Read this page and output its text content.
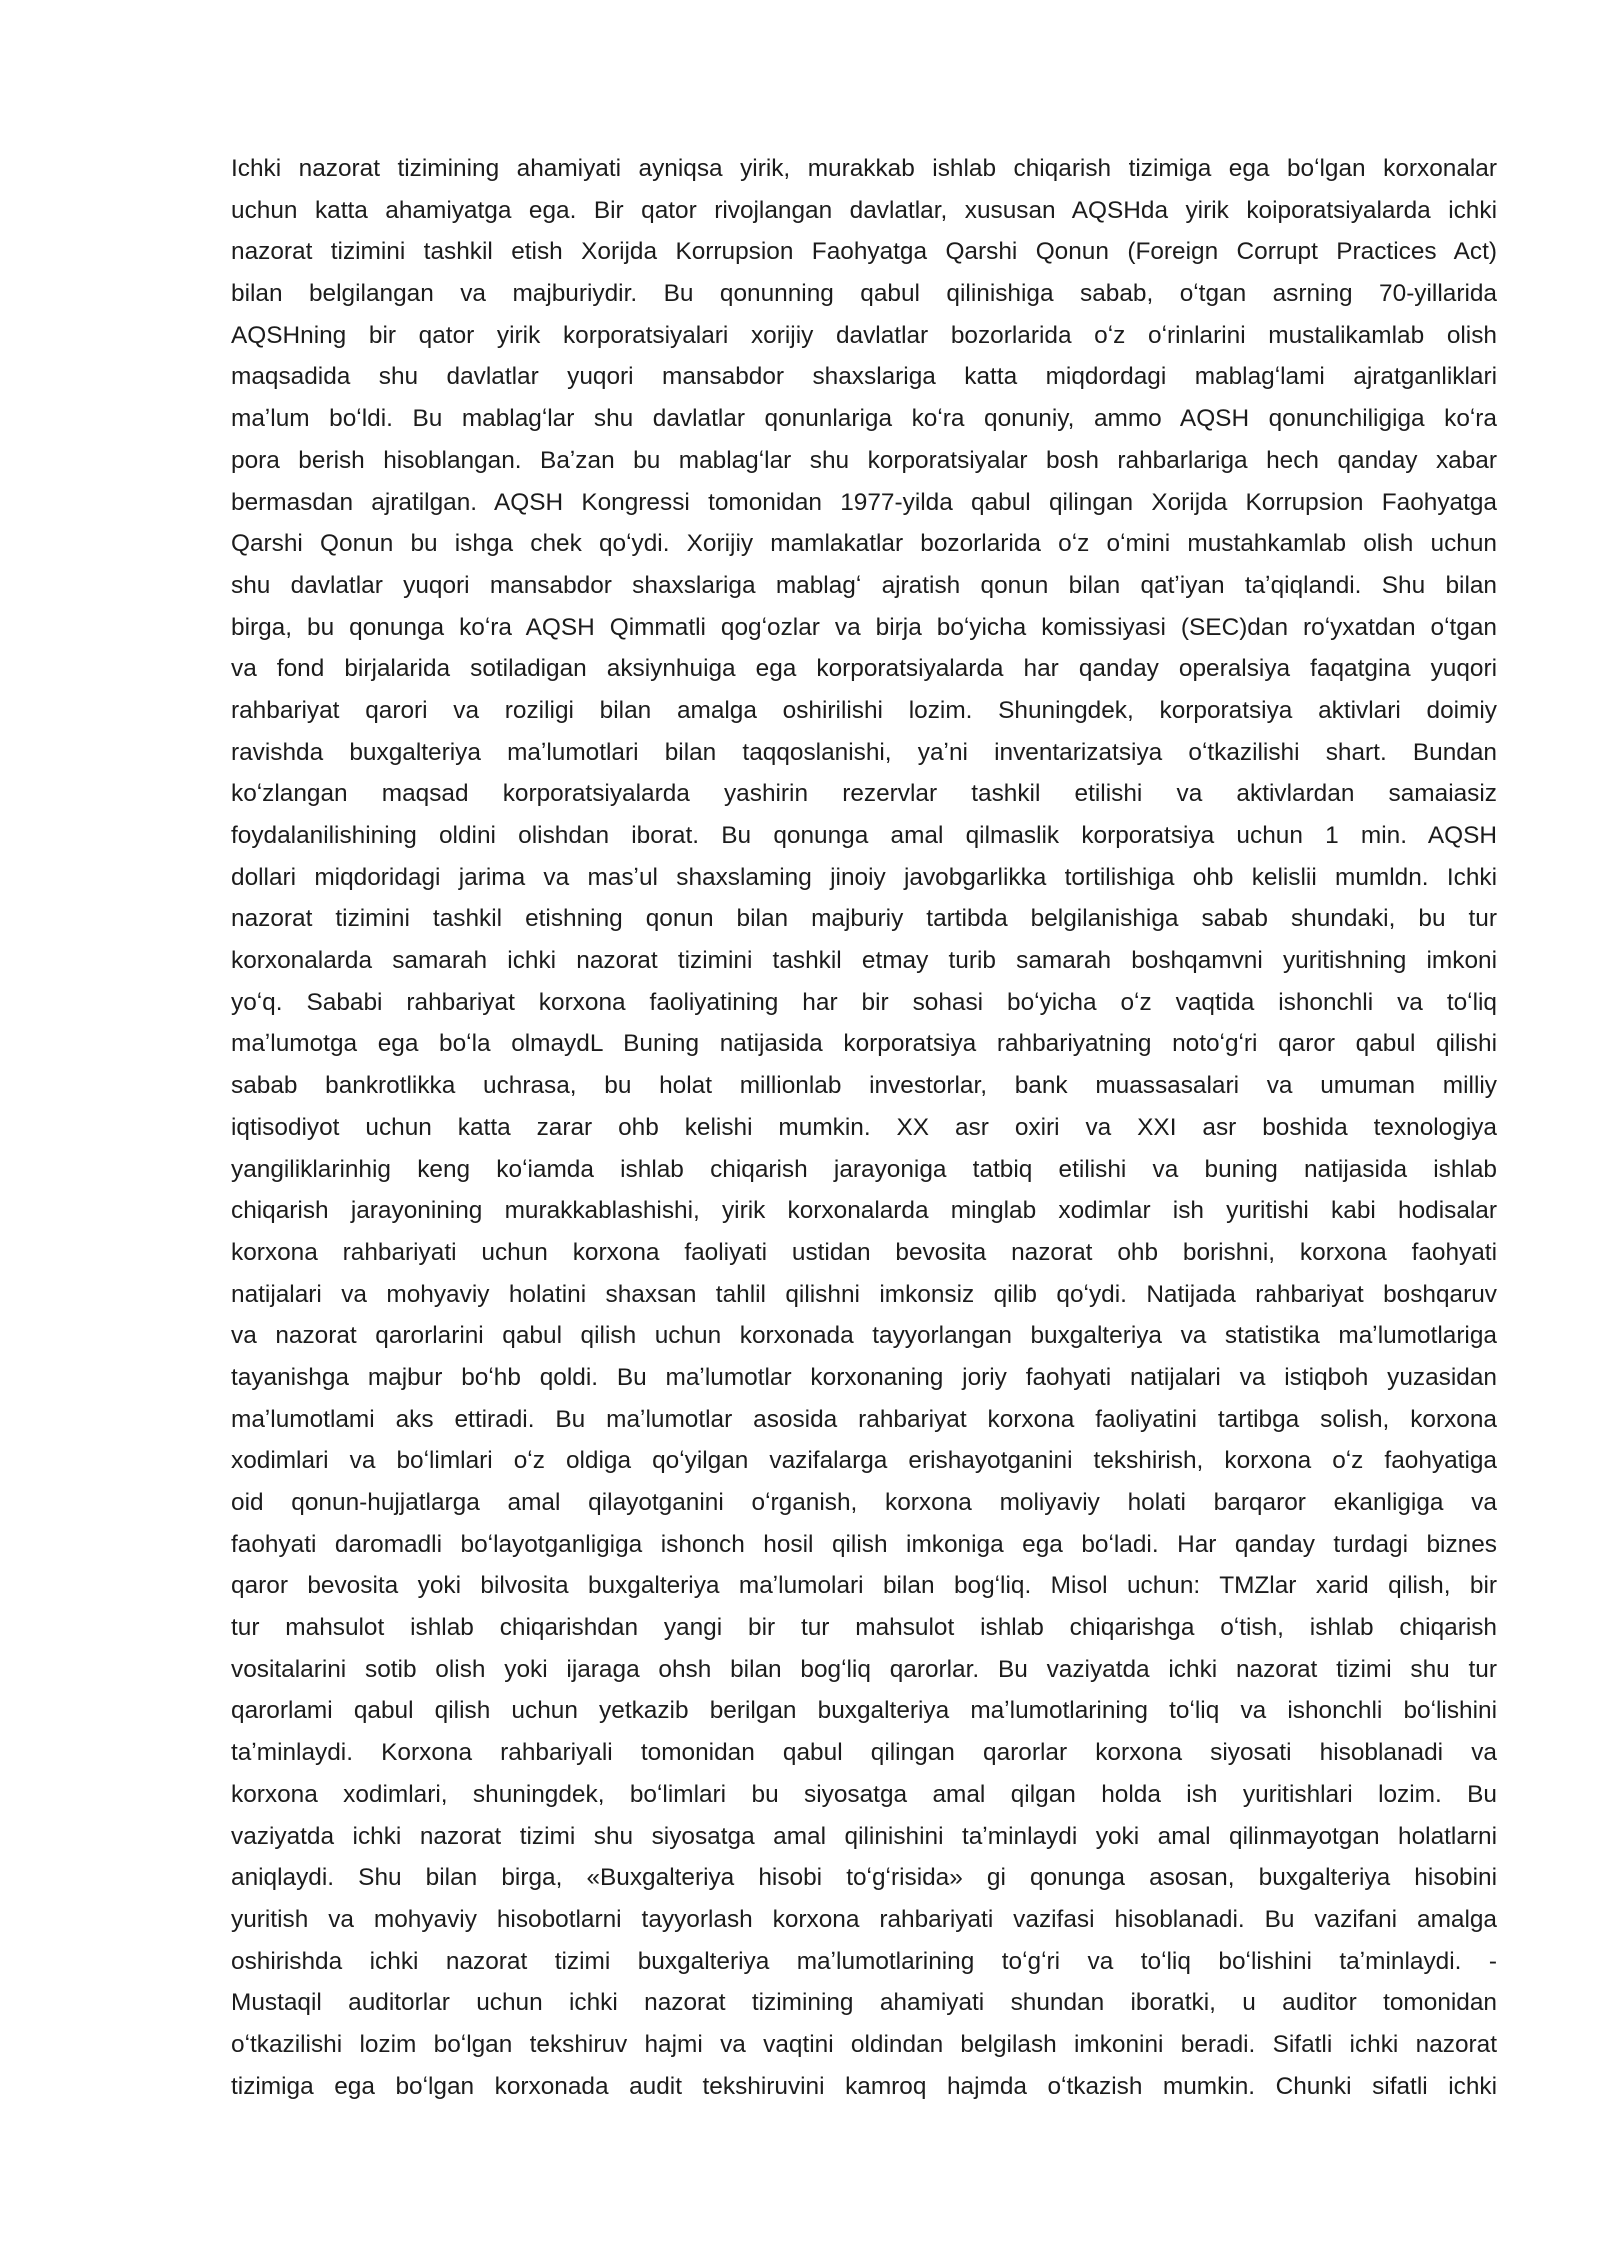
Ichki nazorat tizimining ahamiyati ayniqsa yirik, murakkab ishlab chiqarish tizimiga ega boʻlgan korxonalar
uchun katta ahamiyatga ega. Bir qator rivojlangan davlatlar, xususan AQSHda yirik koiporatsiyalarda ichki
nazorat tizimini tashkil etish Xorijda Korrupsion Faohyatga Qarshi Qonun (Foreign Corrupt Practices Act)
bilan belgilangan va majburiydir. Bu qonunning qabul qilinishiga sabab, oʻtgan asrning 70-yillarida
AQSHning bir qator yirik korporatsiyalari xorijiy davlatlar bozorlarida oʻz oʻrinlarini mustalikamlab olish
maqsadida shu davlatlar yuqori mansabdor shaxslariga katta miqdordagi mablagʻlami ajratganliklari
maʼlum boʻldi. Bu mablagʻlar shu davlatlar qonunlariga koʻra qonuniy, ammo AQSH qonunchiligiga koʻra
pora berish hisoblangan. Baʼzan bu mablagʻlar shu korporatsiyalar bosh rahbarlariga hech qanday xabar
bermasdan ajratilgan. AQSH Kongressi tomonidan 1977-yilda qabul qilingan Xorijda Korrupsion Faohyatga
Qarshi Qonun bu ishga chek qoʻydi. Xorijiy mamlakatlar bozorlarida oʻz oʻmini mustahkamlab olish uchun
shu davlatlar yuqori mansabdor shaxslariga mablagʻ ajratish qonun bilan qatʼiyan taʼqiqlandi. Shu bilan
birga, bu qonunga koʻra AQSH Qimmatli qogʻozlar va birja boʻyicha komissiyasi (SEC)dan roʻyxatdan oʻtgan
va fond birjalarida sotiladigan aksiynhuiga ega korporatsiyalarda har qanday operalsiya faqatgina yuqori
rahbariyat qarori va roziligi bilan amalga oshirilishi lozim. Shuningdek, korporatsiya aktivlari doimiy
ravishda buxgalteriya maʼlumotlari bilan taqqoslanishi, yaʼni inventarizatsiya oʻtkazilishi shart. Bundan
koʻzlangan maqsad korporatsiyalarda yashirin rezervlar tashkil etilishi va aktivlardan samaiasiz
foydalanilishining oldini olishdan iborat. Bu qonunga amal qilmaslik korporatsiya uchun 1 min. AQSH
dollari miqdoridagi jarima va masʼul shaxslaming jinoiy javobgarlikka tortilishiga ohb kelislii mumldn. Ichki
nazorat tizimini tashkil etishning qonun bilan majburiy tartibda belgilanishiga sabab shundaki, bu tur
korxonalarda samarah ichki nazorat tizimini tashkil etmay turib samarah boshqamvni yuritishning imkoni
yoʻq. Sababi rahbariyat korxona faoliyatining har bir sohasi boʻyicha oʻz vaqtida ishonchli va toʻliq
maʼlumotga ega boʻla olmaydL Buning natijasida korporatsiya rahbariyatning notoʻgʻri qaror qabul qilishi
sabab bankrotlikka uchrasa, bu holat millionlab investorlar, bank muassasalari va umuman milliy
iqtisodiyot uchun katta zarar ohb kelishi mumkin. XX asr oxiri va XXI asr boshida texnologiya
yangiliklarinhig keng koʻiamda ishlab chiqarish jarayoniga tatbiq etilishi va buning natijasida ishlab
chiqarish jarayonining murakkablashishi, yirik korxonalarda minglab xodimlar ish yuritishi kabi hodisalar
korxona rahbariyati uchun korxona faoliyati ustidan bevosita nazorat ohb borishni, korxona faohyati
natijalari va mohyaviy holatini shaxsan tahlil qilishni imkonsiz qilib qoʻydi. Natijada rahbariyat boshqaruv
va nazorat qarorlarini qabul qilish uchun korxonada tayyorlangan buxgalteriya va statistika maʼlumotlariga
tayanishga majbur boʻhb qoldi. Bu maʼlumotlar korxonaning joriy faohyati natijalari va istiqboh yuzasidan
maʼlumotlami aks ettiradi. Bu maʼlumotlar asosida rahbariyat korxona faoliyatini tartibga solish, korxona
xodimlari va boʻlimlari oʻz oldiga qoʻyilgan vazifalarga erishayotganini tekshirish, korxona oʻz faohyatiga
oid qonun-hujjatlarga amal qilayotganini oʻrganish, korxona moliyaviy holati barqaror ekanligiga va
faohyati daromadli boʻlayotganligiga ishonch hosil qilish imkoniga ega boʻladi. Har qanday turdagi biznes
qaror bevosita yoki bilvosita buxgalteriya maʼlumolari bilan bogʻliq. Misol uchun: TMZlar xarid qilish, bir
tur mahsulot ishlab chiqarishdan yangi bir tur mahsulot ishlab chiqarishga oʻtish, ishlab chiqarish
vositalarini sotib olish yoki ijaraga ohsh bilan bogʻliq qarorlar. Bu vaziyatda ichki nazorat tizimi shu tur
qarorlami qabul qilish uchun yetkazib berilgan buxgalteriya maʼlumotlarining toʻliq va ishonchli boʻlishini
taʼminlaydi. Korxona rahbariyali tomonidan qabul qilingan qarorlar korxona siyosati hisoblanadi va
korxona xodimlari, shuningdek, boʻlimlari bu siyosatga amal qilgan holda ish yuritishlari lozim. Bu
vaziyatda ichki nazorat tizimi shu siyosatga amal qilinishini taʼminlaydi yoki amal qilinmayotgan holatlarni
aniqlaydi. Shu bilan birga, «Buxgalteriya hisobi toʻgʻrisida» gi qonunga asosan, buxgalteriya hisobini
yuritish va mohyaviy hisobotlarni tayyorlash korxona rahbariyati vazifasi hisoblanadi. Bu vazifani amalga
oshirishda ichki nazorat tizimi buxgalteriya maʼlumotlarining toʻgʻri va toʻliq boʻlishini taʼminlaydi. -
Mustaqil auditorlar uchun ichki nazorat tizimining ahamiyati shundan iboratki, u auditor tomonidan
oʻtkazilishi lozim boʻlgan tekshiruv hajmi va vaqtini oldindan belgilash imkonini beradi. Sifatli ichki nazorat
tizimiga ega boʻlgan korxonada audit tekshiruvini kamroq hajmda oʻtkazish mumkin. Chunki sifatli ichki
